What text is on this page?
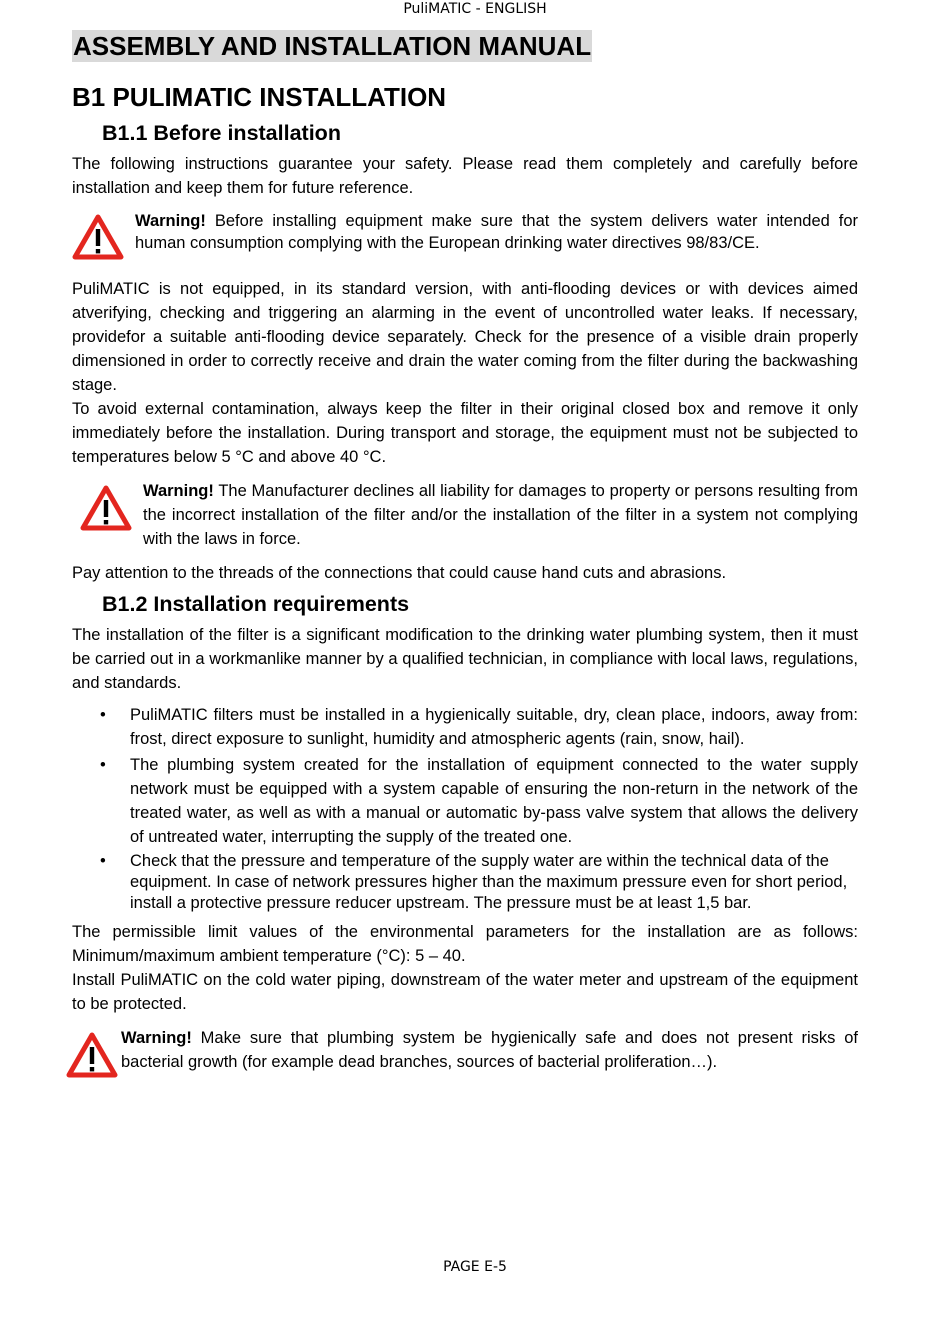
PuliMATIC - ENGLISH
ASSEMBLY AND INSTALLATION MANUAL
B1 PULIMATIC INSTALLATION
B1.1 Before installation

The following instructions guarantee your safety. Please read them completely and carefully before installation and keep them for future reference.

Warning! Before installing equipment make sure that the system delivers water intended for human consumption complying with the European drinking water directives 98/83/CE.

PuliMATIC is not equipped, in its standard version, with anti-flooding devices or with devices aimed atverifying, checking and triggering an alarming in the event of uncontrolled water leaks. If necessary, providefor a suitable anti-flooding device separately. Check for the presence of a visible drain properly dimensioned in order to correctly receive and drain the water coming from the filter during the backwashing stage.

To avoid external contamination, always keep the filter in their original closed box and remove it only immediately before the installation. During transport and storage, the equipment must not be subjected to temperatures below 5 °C and above 40 °C.

Warning! The Manufacturer declines all liability for damages to property or persons resulting from the incorrect installation of the filter and/or the installation of the filter in a system not complying with the laws in force.

Pay attention to the threads of the connections that could cause hand cuts and abrasions.

B1.2 Installation requirements

The installation of the filter is a significant modification to the drinking water plumbing system, then it must be carried out in a workmanlike manner by a qualified technician, in compliance with local laws, regulations, and standards.

• PuliMATIC filters must be installed in a hygienically suitable, dry, clean place, indoors, away from: frost, direct exposure to sunlight, humidity and atmospheric agents (rain, snow, hail).
• The plumbing system created for the installation of equipment connected to the water supply network must be equipped with a system capable of ensuring the non-return in the network of the treated water, as well as with a manual or automatic by-pass valve system that allows the delivery of untreated water, interrupting the supply of the treated one.
• Check that the pressure and temperature of the supply water are within the technical data of the equipment. In case of network pressures higher than the maximum pressure even for short period, install a protective pressure reducer upstream. The pressure must be at least 1,5 bar.

The permissible limit values of the environmental parameters for the installation are as follows: Minimum/maximum ambient temperature (°C): 5 – 40.

Install PuliMATIC on the cold water piping, downstream of the water meter and upstream of the equipment to be protected.

Warning! Make sure that plumbing system be hygienically safe and does not present risks of bacterial growth (for example dead branches, sources of bacterial proliferation…).
PAGE E-5
